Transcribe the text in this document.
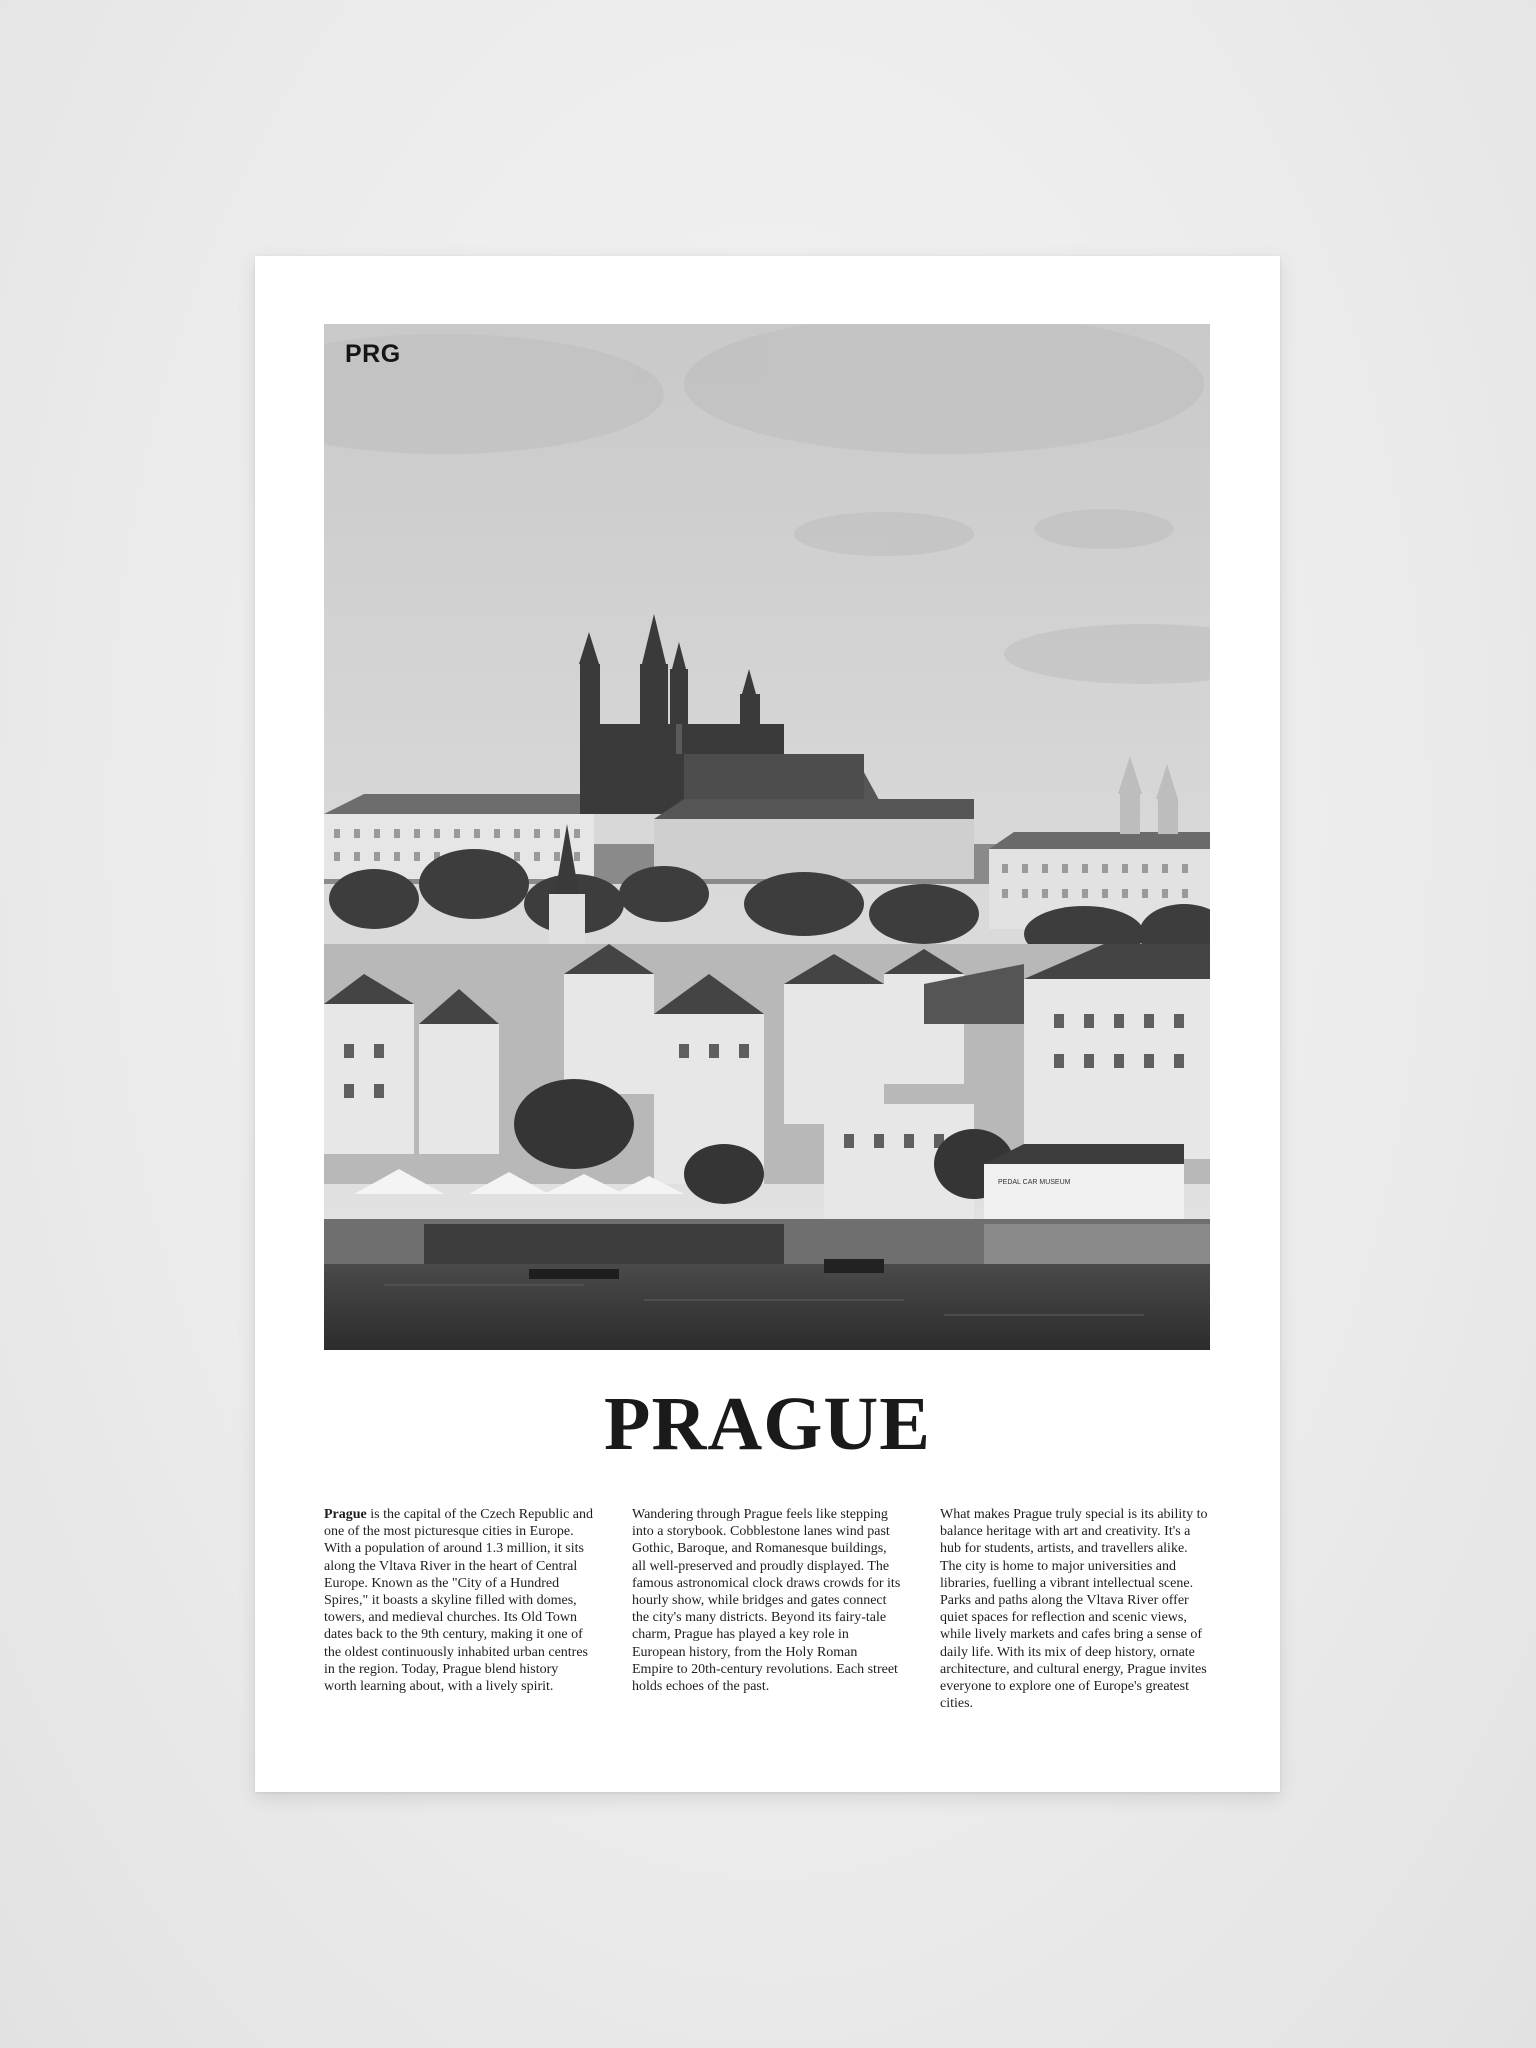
PEDAL CAR MUSEUM
PRG
PRAGUE
Prague is the capital of the Czech Republic and one of the most picturesque cities in Europe. With a population of around 1.3 million, it sits along the Vltava River in the heart of Central Europe. Known as the "City of a Hundred Spires," it boasts a skyline filled with domes, towers, and medieval churches. Its Old Town dates back to the 9th century, making it one of the oldest continuously inhabited urban centres in the region. Today, Prague blend history worth learning about, with a lively spirit.
Wandering through Prague feels like stepping into a storybook. Cobblestone lanes wind past Gothic, Baroque, and Romanesque buildings, all well-preserved and proudly displayed. The famous astronomical clock draws crowds for its hourly show, while bridges and gates connect the city's many districts. Beyond its fairy-tale charm, Prague has played a key role in European history, from the Holy Roman Empire to 20th-century revolutions. Each street holds echoes of the past.
What makes Prague truly special is its ability to balance heritage with art and creativity. It's a hub for students, artists, and travellers alike. The city is home to major universities and libraries, fuelling a vibrant intellectual scene. Parks and paths along the Vltava River offer quiet spaces for reflection and scenic views, while lively markets and cafes bring a sense of daily life. With its mix of deep history, ornate architecture, and cultural energy, Prague invites everyone to explore one of Europe's greatest cities.
